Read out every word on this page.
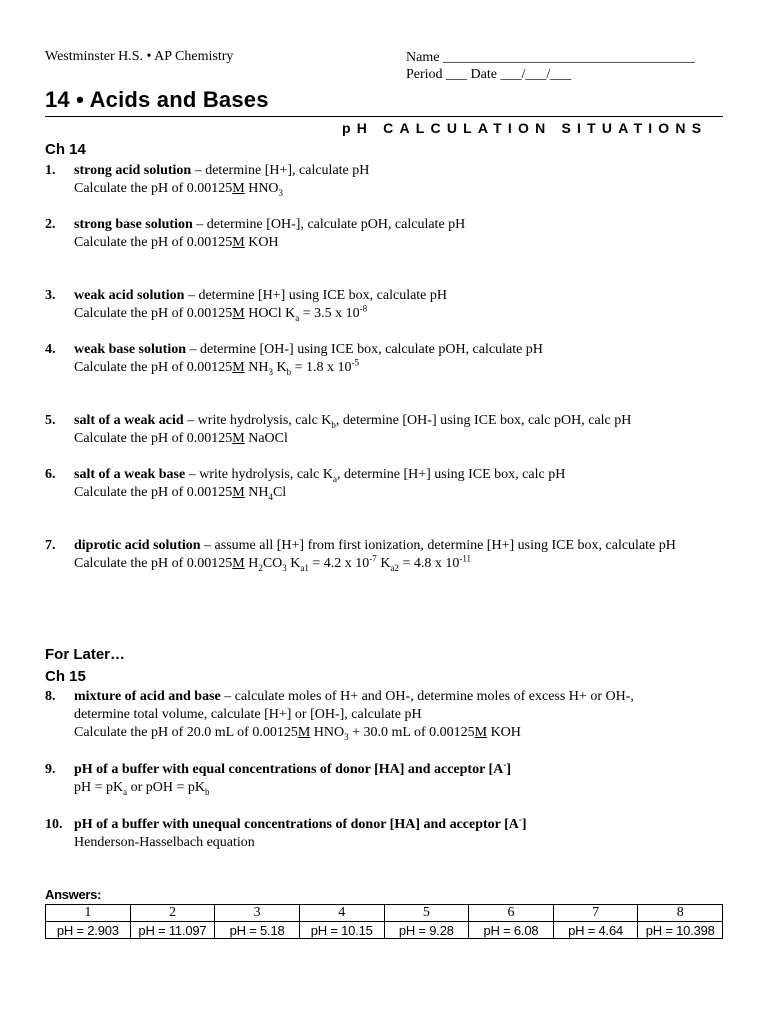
Westminster H.S. • AP Chemistry	Name ____________________________________
Period ___ Date ___/___/___
14 • Acids and Bases
pH CALCULATION SITUATIONS
Ch 14
1. strong acid solution – determine [H+], calculate pH
Calculate the pH of 0.00125M $HNO_3$
2. strong base solution – determine [OH-], calculate pOH, calculate pH
Calculate the pH of 0.00125M KOH
3. weak acid solution – determine [H+] using ICE box, calculate pH
Calculate the pH of 0.00125M HOCl $K_a = 3.5$ x $10^{-8}$
4. weak base solution – determine [OH-] using ICE box, calculate pOH, calculate pH
Calculate the pH of 0.00125M $NH_3$ $K_b = 1.8$ x $10^{-5}$
5. salt of a weak acid – write hydrolysis, calc $K_b$, determine [OH-] using ICE box, calc pOH, calc pH
Calculate the pH of 0.00125M NaOCl
6. salt of a weak base – write hydrolysis, calc $K_a$, determine [H+] using ICE box, calc pH
Calculate the pH of 0.00125M $NH_4Cl$
7. diprotic acid solution – assume all [H+] from first ionization, determine [H+] using ICE box, calculate pH
Calculate the pH of 0.00125M $H_2CO_3$ $K_{a1} = 4.2$ x $10^{-7}$ $K_{a2} = 4.8$ x $10^{-11}$
For Later…
Ch 15
8. mixture of acid and base – calculate moles of H+ and OH-, determine moles of excess H+ or OH-,
determine total volume, calculate [H+] or [OH-], calculate pH
Calculate the pH of 20.0 mL of 0.00125M $HNO_3 + 30.0$ mL of 0.00125M KOH
9. pH of a buffer with equal concentrations of donor [HA] and acceptor [A-]
pH = $pK_a$ or pOH = $pK_b$
10. pH of a buffer with unequal concentrations of donor [HA] and acceptor [A-]
Henderson-Hasselbach equation
Answers:
1	2	3	4	5	6	7	8
pH = 2.903	pH = 11.097	pH = 5.18	pH = 10.15	pH = 9.28	pH = 6.08	pH = 4.64	pH = 10.398
